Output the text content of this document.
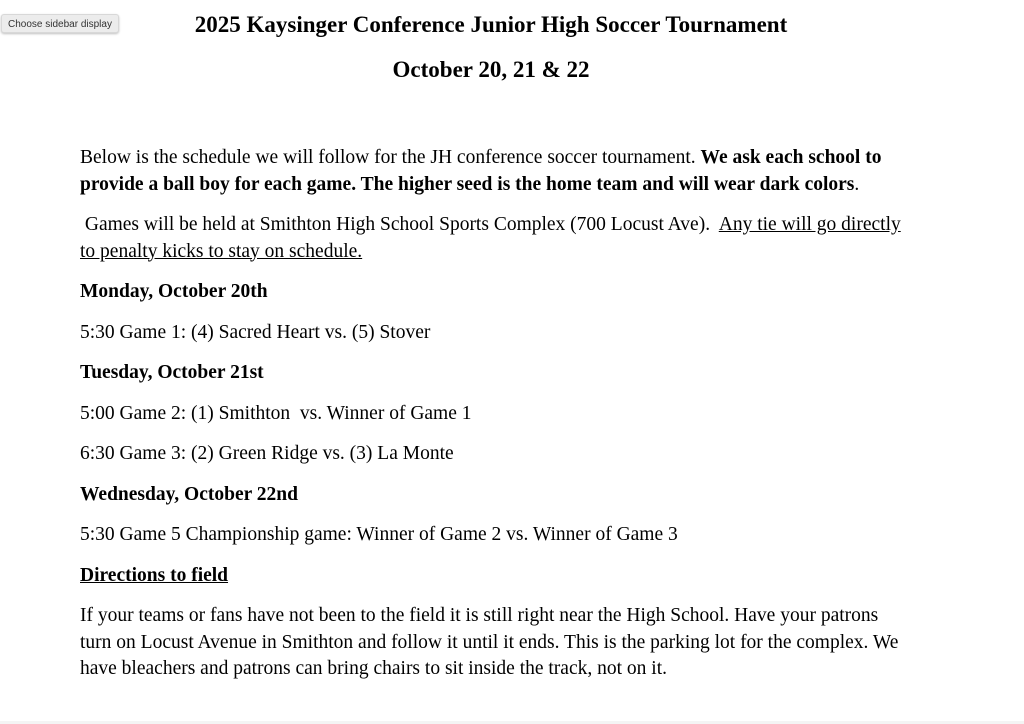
Choose sidebar display	2025 Kaysinger Conference Junior High Soccer Tournament
October 20, 21 & 22

Below is the schedule we will follow for the JH conference soccer tournament. We ask each school to provide a ball boy for each game. The higher seed is the home team and will wear dark colors.

Games will be held at Smithton High School Sports Complex (700 Locust Ave).  Any tie will go directly to penalty kicks to stay on schedule.

Monday, October 20th

5:30 Game 1: (4) Sacred Heart vs. (5) Stover

Tuesday, October 21st

5:00 Game 2: (1) Smithton  vs. Winner of Game 1

6:30 Game 3: (2) Green Ridge vs. (3) La Monte

Wednesday, October 22nd

5:30 Game 5 Championship game: Winner of Game 2 vs. Winner of Game 3

Directions to field

If your teams or fans have not been to the field it is still right near the High School. Have your patrons turn on Locust Avenue in Smithton and follow it until it ends. This is the parking lot for the complex. We have bleachers and patrons can bring chairs to sit inside the track, not on it.
